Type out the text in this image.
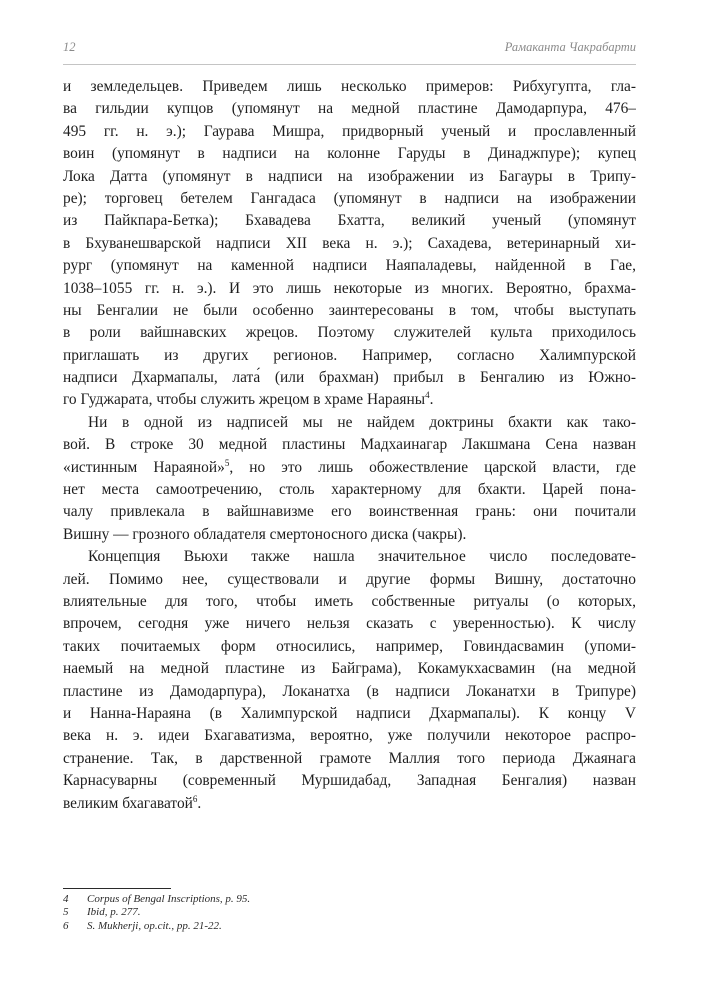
12	Рамаканта Чакрабарти
и земледельцев. Приведем лишь несколько примеров: Рибхугупта, гла-
ва гильдии купцов (упомянут на медной пластине Дамодарпура, 476–
495 гг. н. э.); Гаурава Мишра, придворный ученый и прославленный
воин (упомянут в надписи на колонне Гаруды в Динаджпуре); купец
Лока Датта (упомянут в надписи на изображении из Багауры в Трипу-
ре); торговец бетелем Гангадаса (упомянут в надписи на изображении
из Пайкпара-Бетка); Бхавадева Бхатта, великий ученый (упомянут
в Бхуванешварской надписи XII века н. э.); Сахадева, ветеринарный хи-
рург (упомянут на каменной надписи Наяпаладевы, найденной в Гае,
1038–1055 гг. н. э.). И это лишь некоторые из многих. Вероятно, брахма-
ны Бенгалии не были особенно заинтересованы в том, чтобы выступать
в роли вайшнавских жрецов. Поэтому служителей культа приходилось
приглашать из других регионов. Например, согласно Халимпурской
надписи Дхармапалы, лата́ (или брахман) прибыл в Бенгалию из Южно-
го Гуджарата, чтобы служить жрецом в храме Нараяны$^4$.
Ни в одной из надписей мы не найдем доктрины бхакти как тако-
вой. В строке 30 медной пластины Мадхаинагар Лакшмана Сена назван
«истинным Нараяной»$^5$, но это лишь обожествление царской власти, где
нет места самоотречению, столь характерному для бхакти. Царей пона-
чалу привлекала в вайшнавизме его воинственная грань: они почитали
Вишну — грозного обладателя смертоносного диска (чакры).
Концепция Вьюхи также нашла значительное число последовате-
лей. Помимо нее, существовали и другие формы Вишну, достаточно
влиятельные для того, чтобы иметь собственные ритуалы (о которых,
впрочем, сегодня уже ничего нельзя сказать с уверенностью). К числу
таких почитаемых форм относились, например, Говиндасвамин (упоми-
наемый на медной пластине из Байграма), Кокамукхасвамин (на медной
пластине из Дамодарпура), Локанатха (в надписи Локанатхи в Трипуре)
и Нанна-Нараяна (в Халимпурской надписи Дхармапалы). К концу V
века н. э. идеи Бхагаватизма, вероятно, уже получили некоторое распро-
странение. Так, в дарственной грамоте Маллия того периода Джаянага
Карнасуварны (современный Муршидабад, Западная Бенгалия) назван
великим бхагаватой$^6$.
4 Corpus of Bengal Inscriptions, p. 95.
5 Ibid, p. 277.
6 S. Mukherji, op.cit., pp. 21-22.
